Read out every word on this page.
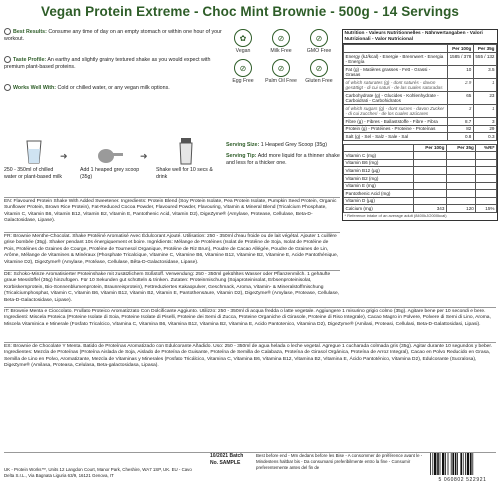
Vegan Protein Extreme - Choc Mint Brownie - 500g - 14 Servings
Best Results: Consume any time of day on an empty stomach or within one hour of your workout.
Taste Profile: An earthy and slightly grainy textured shake as you would expect with premium plant-based proteins.
Works Well With: Cold or chilled water, or any vegan milk options.
✿
Vegan
⊘
Milk Free
⊘
GMO Free
⊘
Egg Free
⊘
Palm Oil Free
⊘
Gluten Free
Nutrition - Valeurs Nutritionnelles - Nährwertangaben - Valori Nutrizionali - Valor Nutricional
	Per 100g	Per 35g
Energy (kJ/kcal) - Energie - Brennwert - Energia - Energía	1585 / 378	555 / 132
Fat (g) - Matières grasses - Fett - Grassi - Grasas	10	3.5
of which saturates (g) - dont saturés - davon gesättigt - di cui saturi - de las cuales saturadas	2.9	1
Carbohydrate (g) - Glucides - Kohlenhydrate - Carboidrati - Carbohidratos	65	23
of which sugars (g) - dont sucres - davon Zucker - di cui zuccheri - de los cuales azúcares	3	1
Fibre (g) - Fibres - Ballaststoffe - Fibre - Fibra	8.7	3
Protein (g) - Protéines - Proteine - Proteínas	82	29
Salt (g) - Sel - Salz - Sale - Sal	0.8	0.3
	Per 100g	Per 35g	%RI*
Vitamin C (mg)			
Vitamin B6 (mg)			
Vitamin B12 (µg)			
Vitamin B2 (mg)			
Vitamin E (mg)			
Pantothenic Acid (mg)			
Vitamin D (µg)			
Calcium (mg)	343	120	15%
* Reference intake of an average adult (8400kJ/2000kcal)
250 - 350ml of chilled water or plant-based milk
➜
Add 1 heaped grey scoop (35g)
➜
Shake well for 10 secs & drink
Serving Size: 1 Heaped Grey Scoop (35g)
Serving Tip: Add more liquid for a thinner shake and less for a thicker one.
EN: Flavoured Protein Shake With Added Sweetener. Ingredients: Protein Blend (Soy Protein Isolate, Pea Protein Isolate, Pumpkin Seed Protein, Organic Sunflower Protein, Brown Rice Protein), Fat-Reduced Cocoa Powder, Flavoured Powder, Flavouring, Vitamin & Mineral Blend (Tricalcium Phosphate, Vitamin C, Vitamin B6, Vitamin B12, Vitamin B2, Vitamin E, Pantothenic Acid, Vitamin D2), DigeZyme® (Amylase, Protease, Cellulase, Beta-D-Galactosidase, Lipase).
FR: Brownie Menthe-Chocolat. Shake Protéiné Aromatisé Avec Édulcorant Ajouté. Utilisation: 250 - 350ml d'eau froide ou de lait végétal. Ajouter 1 cuillère grise bombée (35g). Shaker pendant 10s énergiquement et boire. Ingrédients: Mélange de Protéines (Isolat de Protéine de Soja, Isolat de Protéine de Pois, Protéines de Graines de Courge, Protéine de Tournesol Organique, Protéine de Riz Brun), Poudre de Cacao Allégée, Poudre de Graines de Lin, Arôme, Mélange de Vitamines & Minéraux (Phosphate Tricalcique, Vitamine C, Vitamine B6, Vitamine B12, Vitamine B2, Vitamine E, Acide Pantothénique, Vitamine D2), DigeZyme® (Amylase, Protéase, Cellulase, Bêta-D-Galactosidase, Lipase).
DE: Schoko-Minze Aromatisierter Proteinshake mit zusätzlichem Süßstoff. Verwendung: 250 - 350ml gekühltes Wasser oder Pflanzenmilch. 1 gehäufte graue Messlöffel (35g) hinzufügen. Für 10 Sekunden gut schütteln & trinken. Zutaten: Proteinmischung (Sojaproteinisolat, Erbsenproteinisolat, Kürbiskernprotein, Bio-Sonnenblumenprotein, Braunreisprotein), Fettreduziertes Kakaopulver, Geschmack, Aroma, Vitamin- & Mineralstoffmischung (Tricalciumphosphat, Vitamin C, Vitamin B6, Vitamin B12, Vitamin B2, Vitamin E, Pantothensäure, Vitamin D2), DigeZyme® (Amylase, Protease, Cellulase, Beta-D-Galactosidase, Lipase).
IT: Brownie Menta e Cioccolato. Frullato Proteico Aromatizzato Con Dolcificante Aggiunto. Utilizzo: 250 - 350ml di acqua fredda o latte vegetale. Aggiungere 1 misurino grigio colmo (35g). Agitare bene per 10 secondi e bere. Ingredienti: Miscela Proteica (Proteine Isolate di Soia, Proteine Isolate di Piselli, Proteine dei Semi di Zucca, Proteine Organiche di Girasole, Proteine di Riso Integrale), Cacao Magro in Polvere, Polvere di Semi di Lino, Aroma, Miscela Vitaminica e Minerale (Fosfato Tricalcico, Vitamina C, Vitamina B6, Vitamina B12, Vitamina B2, Vitamina E, Acido Pantotenico, Vitamina D2), DigeZyme® (Amilasi, Proteasi, Cellulasi, Beta-D-Galattosidasi, Lipasi).
ES: Brownie de Chocolate Y Menta. Batido de Proteínas Aromatizado con Edulcorante Añadido. Uso: 250 - 350ml de agua helada o leche vegetal. Agregue 1 cucharada colmada gris (35g). Agitar durante 10 segundos y beber. Ingredientes: Mezcla de Proteínas (Proteína Aislada de Soja, Aislado de Proteína de Guisante, Proteína de Semilla de Calabaza, Proteína de Girasol Orgánica, Proteína de Arroz Integral), Cacao en Polvo Reducido en Grasa, Semilla de Lino en Polvo, Aromatizante, Mezcla de Vitaminas y Minerales (Fosfato Tricálcico, Vitamina C, Vitamina B6, Vitamina B12, Vitamina B2, Vitamina E, Ácido Pantoténico, Vitamina D2), Edulcorante (Sucralosa), DigeZyme® (Amilasa, Proteasa, Celulasa, Beta-galactosidasa, Lipasa).
UK - Protein Works™, Units 12 Langdon Court, Manor Park, Cheshire, WA7 1SP, UK. EU - Cavo Delta S.r.L., Via Bagnata Liguria 63/9, 16121 Genova, IT
10/2021 Batch No. SAMPLE
Best before end - Mm dedans before les Bise - A consommer de préférence avant le - Mindestens haltbar bis - Da consumarsi preferibilmente entro la fine - Consumir preferentemente antes del fin de
5 060802 522921
